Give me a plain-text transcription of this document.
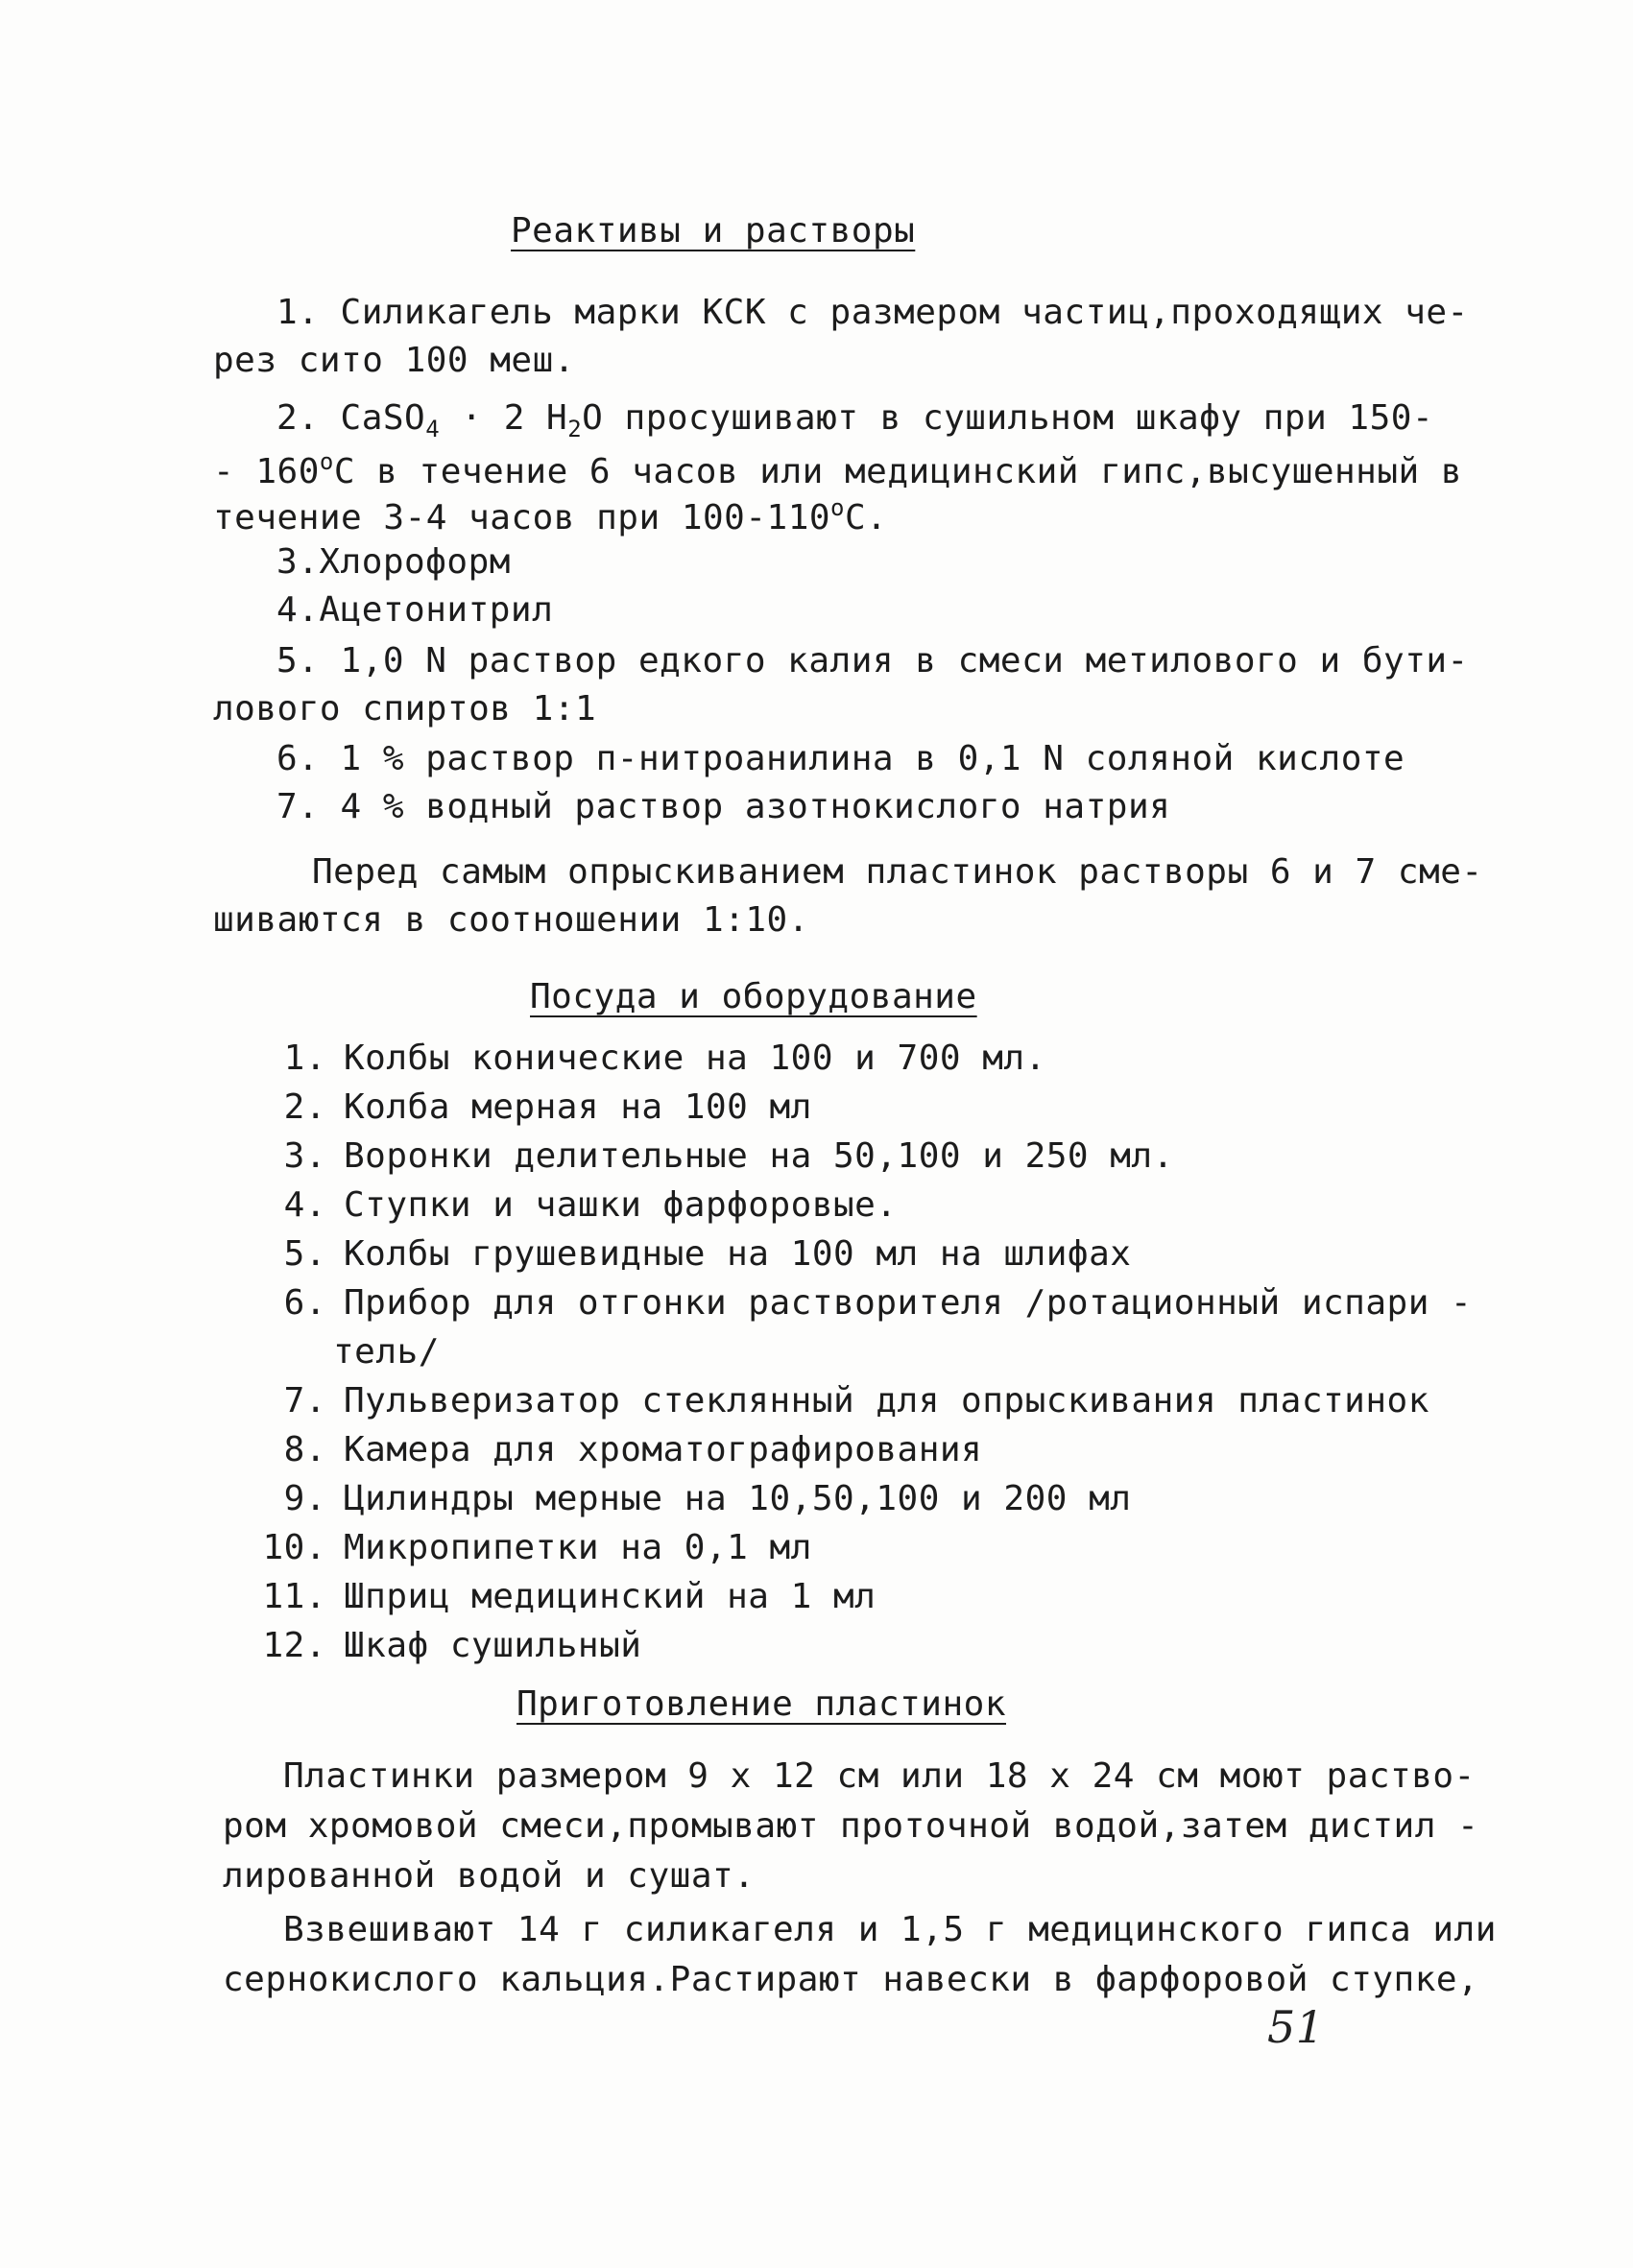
Реактивы и растворы
1. Силикагель марки КСК с размером частиц,проходящих че-
рез сито 100 меш.
2. CaSO$_4$ · 2 $H_2O$ просушивают в сушильном шкафу при 150-
- 160$^o$С в течение 6 часов или медицинский гипс,высушенный в
течение 3-4 часов при 100-110$^o$С.
3.Хлороформ
4.Ацетонитрил
5. 1,0 N раствор едкого калия в смеси метилового и бути-
лового спиртов 1:1
6. 1 % раствор п-нитроанилина в 0,1 N соляной кислоте
7. 4 % водный раствор азотнокислого натрия
Перед самым опрыскиванием пластинок растворы 6 и 7 сме-
шиваются в соотношении 1:10.
Посуда и оборудование
1. Колбы конические на 100 и 700 мл.
2. Колба мерная на 100 мл
3. Воронки делительные на 50,100 и 250 мл.
4. Ступки и чашки фарфоровые.
5. Колбы грушевидные на 100 мл на шлифах
6. Прибор для отгонки растворителя /ротационный испари -
тель/
7. Пульверизатор стеклянный для опрыскивания пластинок
8. Камера для хроматографирования
9. Цилиндры мерные на 10,50,100 и 200 мл
10. Микропипетки на 0,1 мл
11. Шприц медицинский на 1 мл
12. Шкаф сушильный
Приготовление пластинок
Пластинки размером 9 х 12 см или 18 х 24 см моют раство-
ром хромовой смеси,промывают проточной водой,затем дистил -
лированной водой и сушат.
Взвешивают 14 г силикагеля и 1,5 г медицинского гипса или
сернокислого кальция.Растирают навески в фарфоровой ступке,
51
